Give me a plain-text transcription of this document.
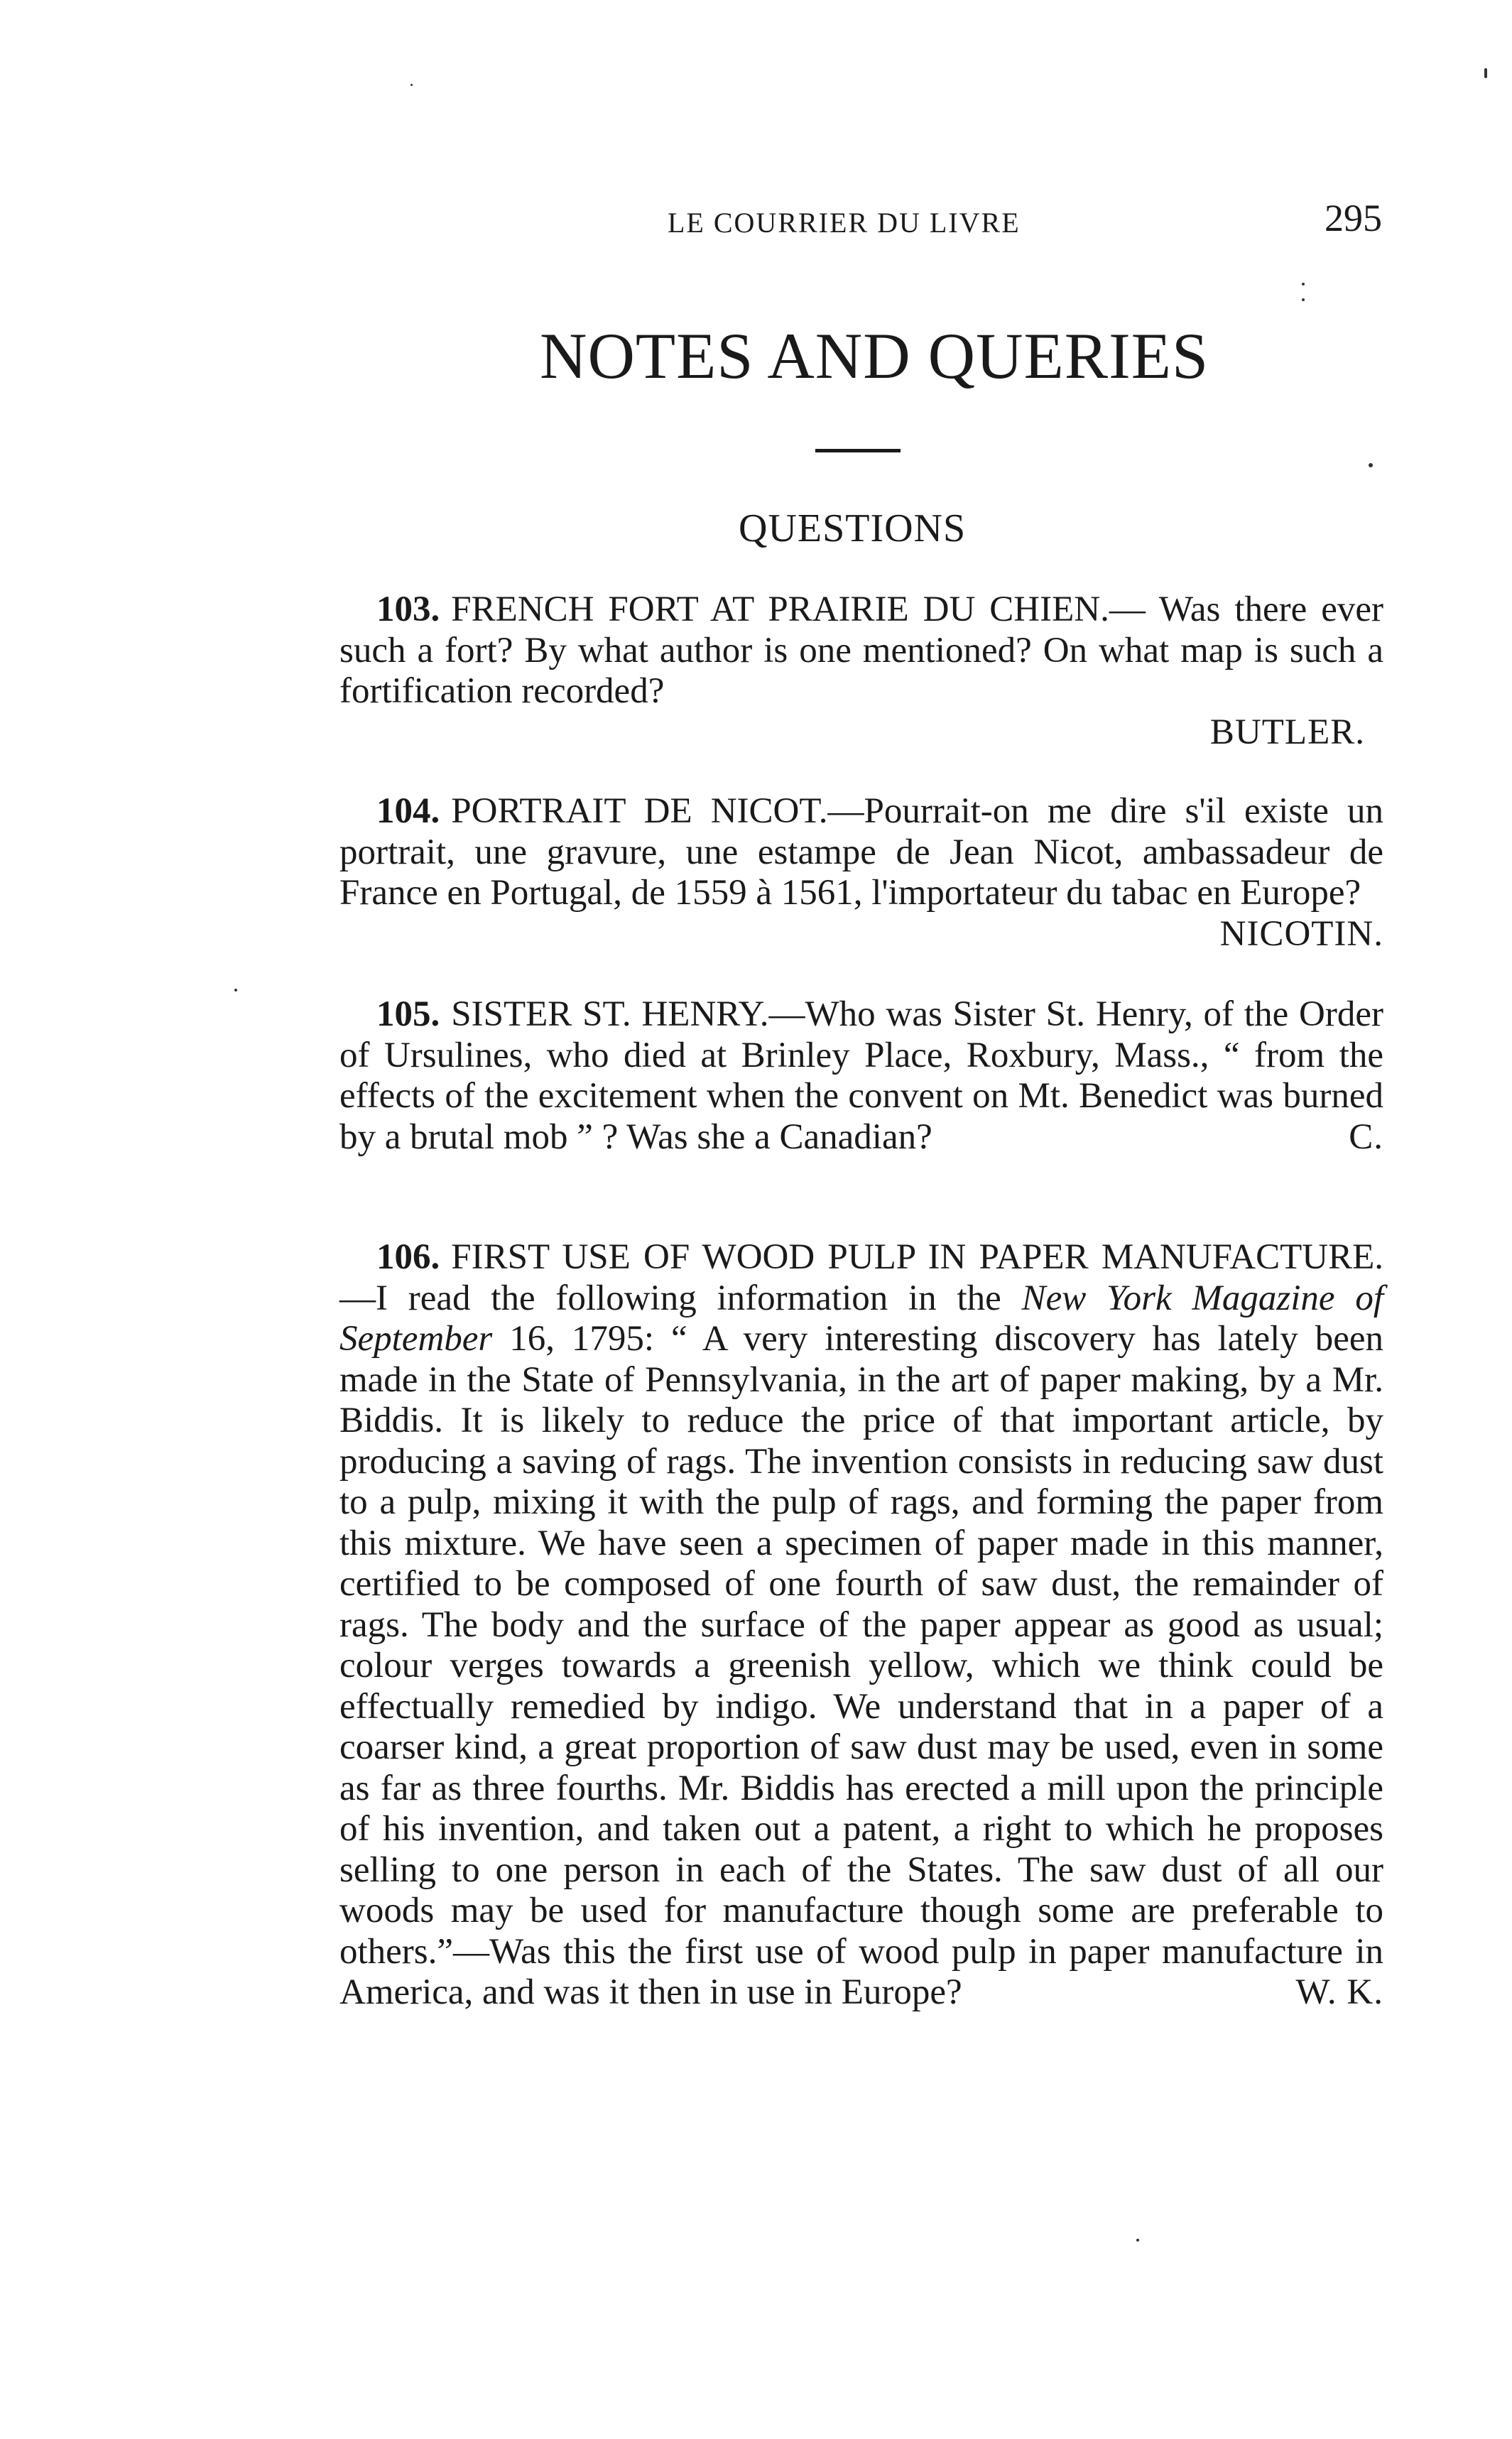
LE COURRIER DU LIVRE	295
NOTES AND QUERIES
QUESTIONS
103. FRENCH FORT AT PRAIRIE DU CHIEN.— Was there ever such a fort? By what author is one mentioned? On what map is such a fortification recorded?
BUTLER.
104. PORTRAIT DE NICOT.—Pourrait-on me dire s'il existe un portrait, une gravure, une estampe de Jean Nicot, ambassadeur de France en Portugal, de 1559 à 1561, l'importateur du tabac en Europe?
NICOTIN.
105. SISTER ST. HENRY.—Who was Sister St. Henry, of the Order of Ursulines, who died at Brinley Place, Roxbury, Mass., “ from the effects of the excitement when the convent on Mt. Benedict was burned by a brutal mob ” ? Was she a Canadian?	C.
106. FIRST USE OF WOOD PULP IN PAPER MANUFACTURE.—I read the following information in the New York Magazine of September 16, 1795: “ A very interesting discovery has lately been made in the State of Pennsylvania, in the art of paper making, by a Mr. Biddis. It is likely to reduce the price of that important article, by producing a saving of rags. The invention consists in reducing saw dust to a pulp, mixing it with the pulp of rags, and forming the paper from this mixture. We have seen a specimen of paper made in this manner, certified to be composed of one fourth of saw dust, the remainder of rags. The body and the surface of the paper appear as good as usual; colour verges towards a greenish yellow, which we think could be effectually remedied by indigo. We understand that in a paper of a coarser kind, a great proportion of saw dust may be used, even in some as far as three fourths. Mr. Biddis has erected a mill upon the principle of his invention, and taken out a patent, a right to which he proposes selling to one person in each of the States. The saw dust of all our woods may be used for manufacture though some are preferable to others.”—Was this the first use of wood pulp in paper manufacture in America, and was it then in use in Europe?	W. K.
